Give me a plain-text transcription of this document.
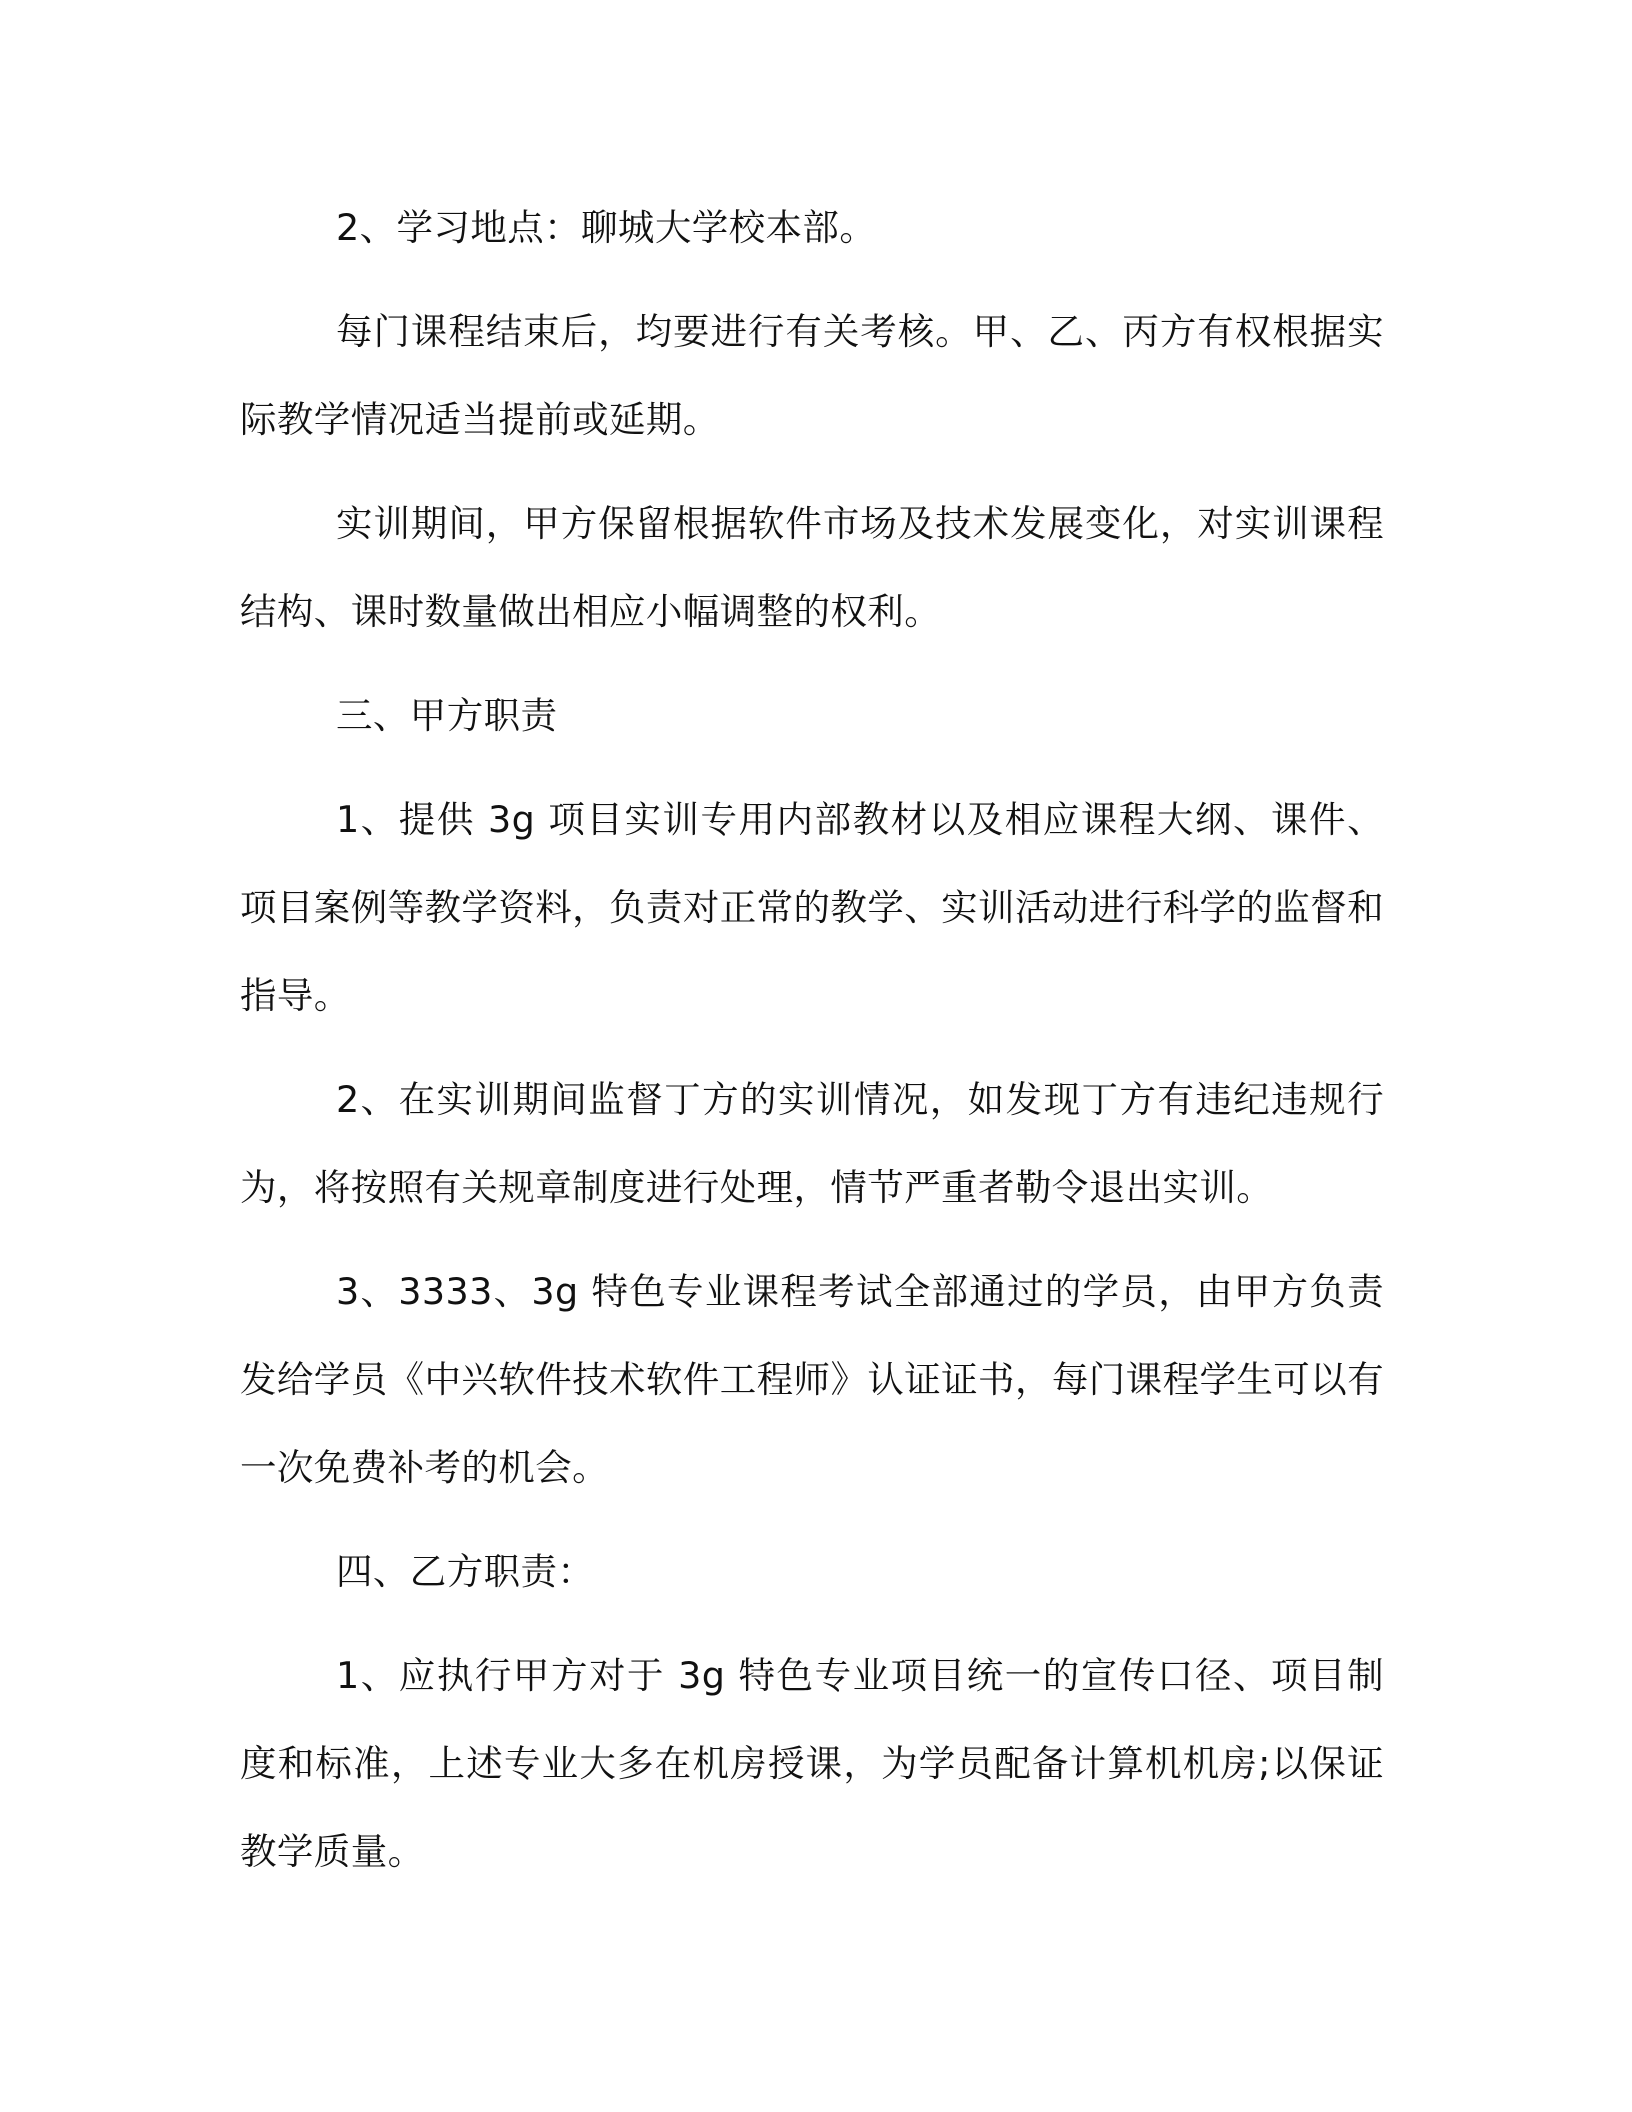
2、学习地点：聊城大学校本部。

每门课程结束后，均要进行有关考核。甲、乙、丙方有权根据实际教学情况适当提前或延期。

实训期间，甲方保留根据软件市场及技术发展变化，对实训课程结构、课时数量做出相应小幅调整的权利。

三、甲方职责

1、提供 3g 项目实训专用内部教材以及相应课程大纲、课件、项目案例等教学资料，负责对正常的教学、实训活动进行科学的监督和指导。

2、在实训期间监督丁方的实训情况，如发现丁方有违纪违规行为，将按照有关规章制度进行处理，情节严重者勒令退出实训。

3、3333、3g 特色专业课程考试全部通过的学员，由甲方负责发给学员《中兴软件技术软件工程师》认证证书，每门课程学生可以有一次免费补考的机会。

四、乙方职责：

1、应执行甲方对于 3g 特色专业项目统一的宣传口径、项目制度和标准，上述专业大多在机房授课，为学员配备计算机机房;以保证教学质量。
